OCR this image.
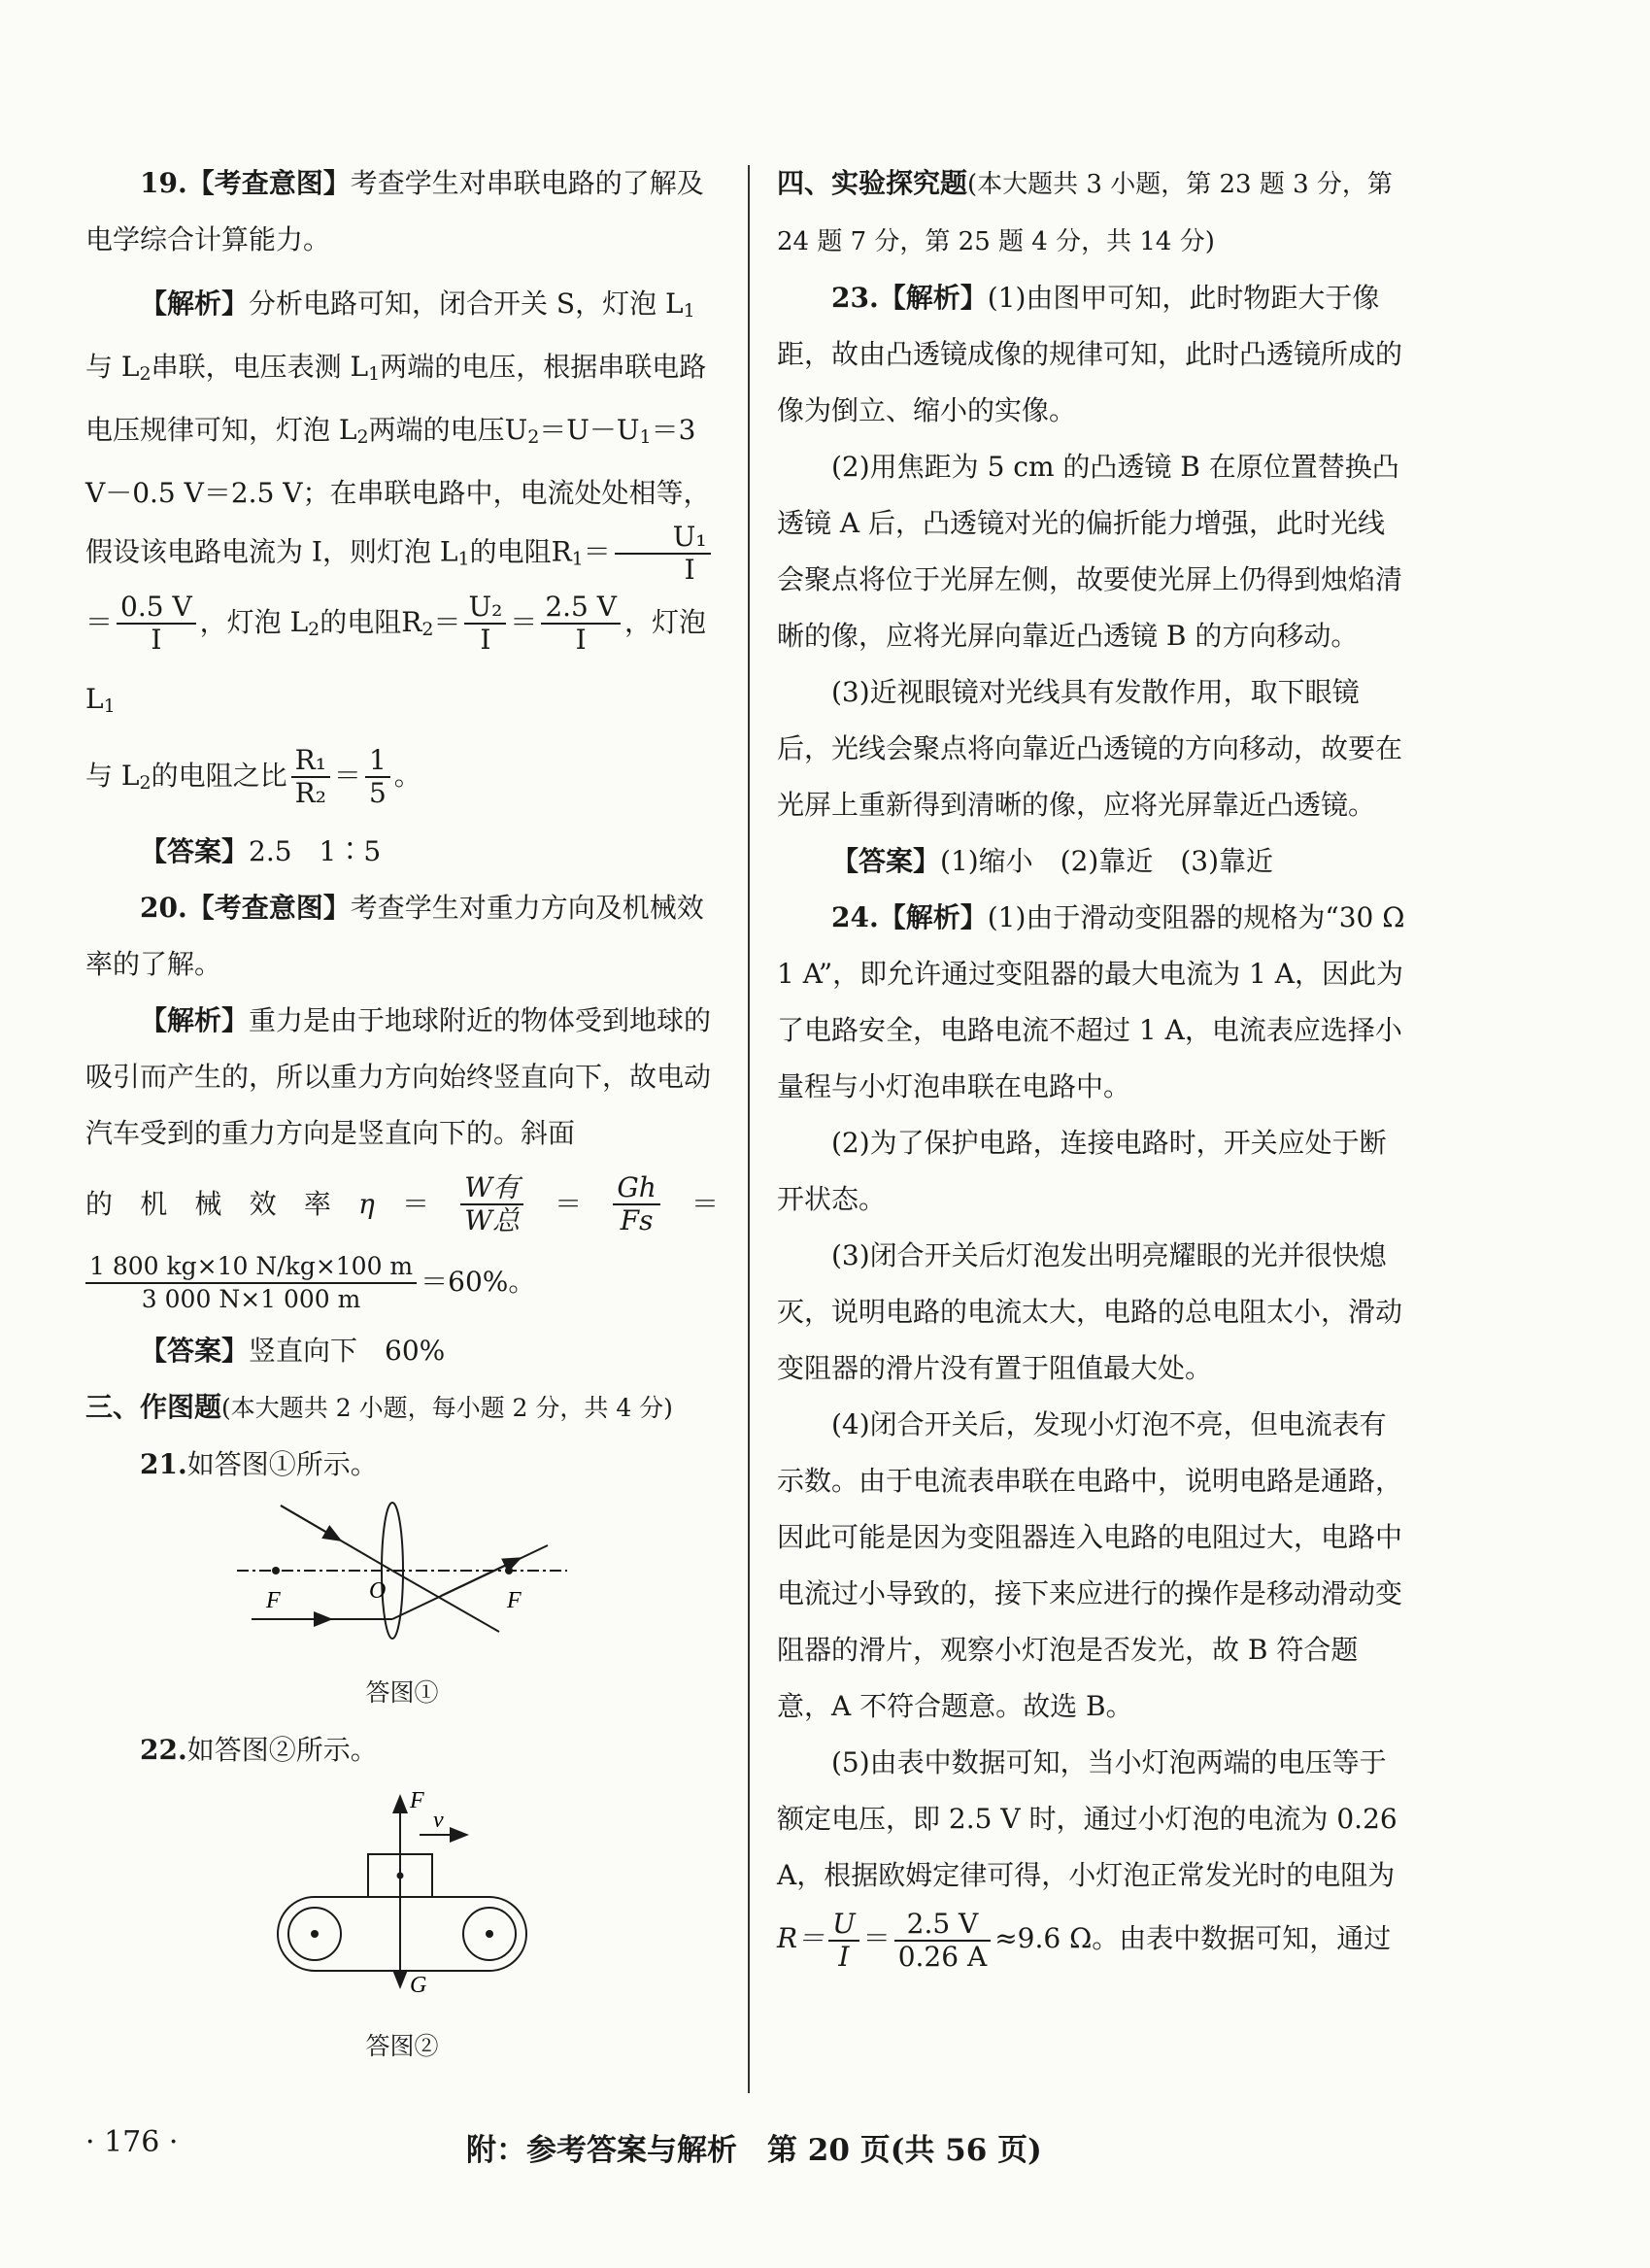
19.【考查意图】考查学生对串联电路的了解及电学综合计算能力。

【解析】分析电路可知，闭合开关 S，灯泡 $L_1$与 $L_2$串联，电压表测 $L_1$两端的电压，根据串联电路电压规律可知，灯泡 $L_2$两端的电压$U_2=U-U_1=3$ V－0.5 V＝2.5 V；在串联电路中，电流处处相等，假设该电路电流为 I，则灯泡 $L_1$的电阻$R_1= \frac{\text{U₁}}{I}$

＝ $\frac{0.5 V}{I}$ ，灯泡 $L_2$的电阻$R_2= \frac{\text{U₂}}{I} = \frac{2.5 V}{I}$ ，灯泡 $L_1$

与 $L_2$的电阻之比 $\frac{\text{R₁}}{\text{R₂}} = \frac{1}{5}$ 。

【答案】2.5　1∶5

20.【考查意图】考查学生对重力方向及机械效率的了解。

【解析】重力是由于地球附近的物体受到地球的吸引而产生的，所以重力方向始终竖直向下，故电动汽车受到的重力方向是竖直向下的。斜面

的 机 械 效 率 $\eta = \frac{\text{W有}}{\text{W总}} = \frac{Gh}{Fs}$ ＝

$\frac{1 800 kg\times 10 N/kg\times 100 m}{3 000 N\times 1 000 m} =60\%$。

【答案】竖直向下　60%

三、作图题(本大题共 2 小题，每小题 2 分，共 4 分)

21.如答图①所示。

F	O	F
答图①

22.如答图②所示。

F
v
G
答图②

四、实验探究题(本大题共 3 小题，第 23 题 3 分，第 24 题 7 分，第 25 题 4 分，共 14 分)

23.【解析】(1)由图甲可知，此时物距大于像距，故由凸透镜成像的规律可知，此时凸透镜所成的像为倒立、缩小的实像。

(2)用焦距为 5 cm 的凸透镜 B 在原位置替换凸透镜 A 后，凸透镜对光的偏折能力增强，此时光线会聚点将位于光屏左侧，故要使光屏上仍得到烛焰清晰的像，应将光屏向靠近凸透镜 B 的方向移动。

(3)近视眼镜对光线具有发散作用，取下眼镜后，光线会聚点将向靠近凸透镜的方向移动，故要在光屏上重新得到清晰的像，应将光屏靠近凸透镜。

【答案】(1)缩小　(2)靠近　(3)靠近

24.【解析】(1)由于滑动变阻器的规格为“30 Ω 1 A”，即允许通过变阻器的最大电流为 1 A，因此为了电路安全，电路电流不超过 1 A，电流表应选择小量程与小灯泡串联在电路中。

(2)为了保护电路，连接电路时，开关应处于断开状态。

(3)闭合开关后灯泡发出明亮耀眼的光并很快熄灭，说明电路的电流太大，电路的总电阻太小，滑动变阻器的滑片没有置于阻值最大处。

(4)闭合开关后，发现小灯泡不亮，但电流表有示数。由于电流表串联在电路中，说明电路是通路，因此可能是因为变阻器连入电路的电阻过大，电路中电流过小导致的，接下来应进行的操作是移动滑动变阻器的滑片，观察小灯泡是否发光，故 B 符合题意，A 不符合题意。故选 B。

(5)由表中数据可知，当小灯泡两端的电压等于额定电压，即 2.5 V 时，通过小灯泡的电流为 0.26 A，根据欧姆定律可得，小灯泡正常发光时的电阻为

$R= \frac{U}{I} = \frac{2.5 V}{0.26 A} \approx 9.6$ Ω。由表中数据可知，通过

· 176 ·	附：参考答案与解析　第 20 页(共 56 页)
